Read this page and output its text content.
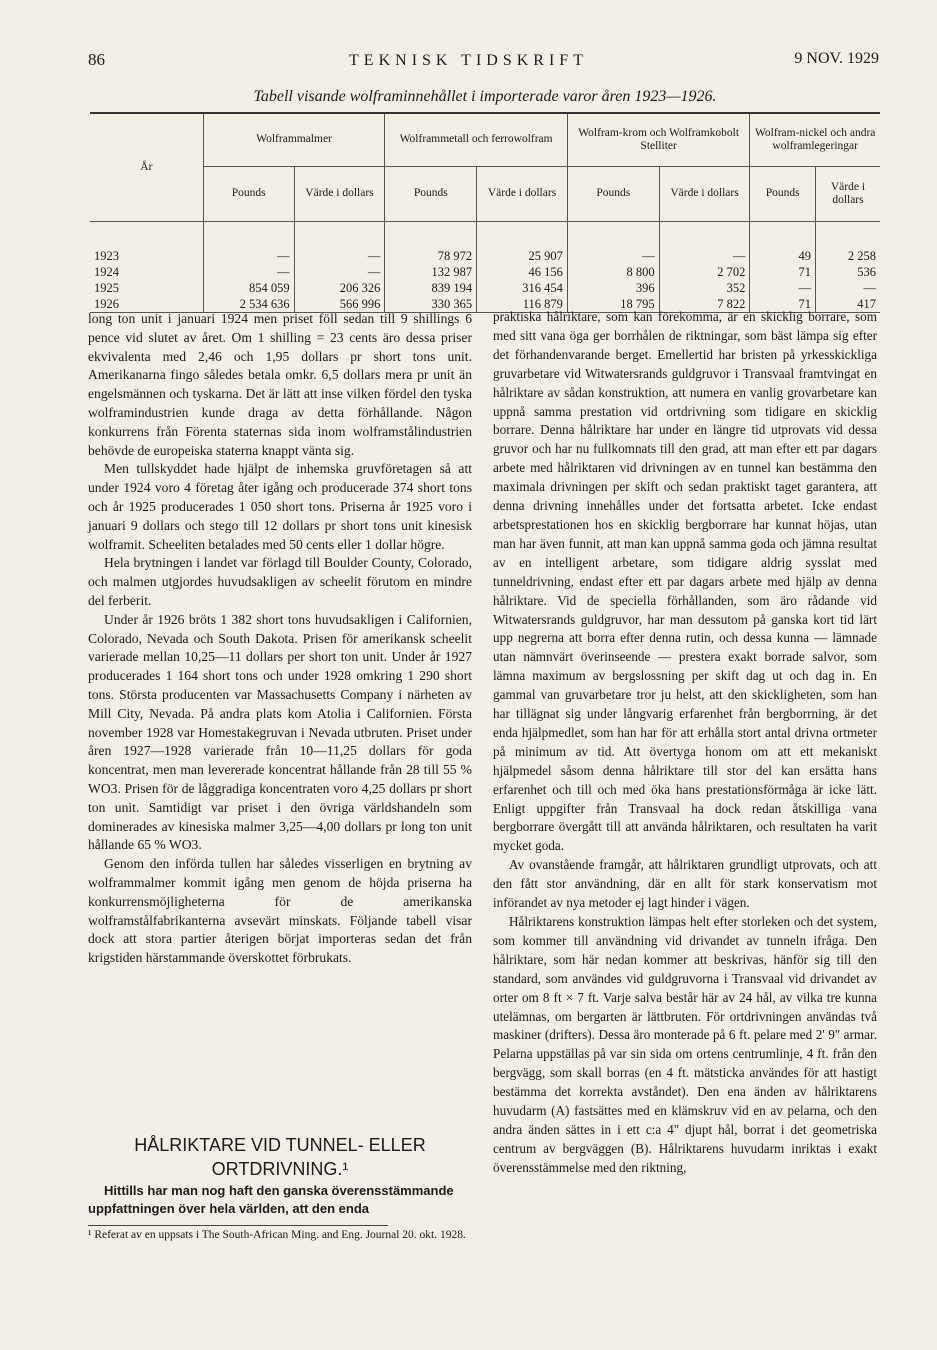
86	TEKNISK TIDSKRIFT	9 NOV. 1929
Tabell visande wolframinnehållet i importerade varor åren 1923—1926.
År	Wolframmalmer		Wolframmetall och ferrowolfram		Wolfram-krom och Wolframkobolt Stelliter		Wolfram-nickel och andra wolframlegeringar	
	Pounds	Värde i dollars	Pounds	Värde i dollars	Pounds	Värde i dollars	Pounds	Värde i dollars

1923	—	—	78 972	25 907	—	—	49	2 258
1924	—	—	132 987	46 156	8 800	2 702	71	536
1925	854 059	206 326	839 194	316 454	396	352	—	—
1926	2 534 636	566 996	330 365	116 879	18 795	7 822	71	417

long ton unit i januari 1924 men priset föll sedan till 9 shillings 6 pence vid slutet av året. Om 1 shilling = 23 cents äro dessa priser ekvivalenta med 2,46 och 1,95 dollars pr short tons unit. Amerikanarna fingo således betala omkr. 6,5 dollars mera pr unit än engelsmännen och tyskarna. Det är lätt att inse vilken fördel den tyska wolframindustrien kunde draga av detta förhållande. Någon konkurrens från Förenta staternas sida inom wolframstålindustrien behövde de europeiska staterna knappt vänta sig.

Men tullskyddet hade hjälpt de inhemska gruvföretagen så att under 1924 voro 4 företag åter igång och producerade 374 short tons och år 1925 producerades 1 050 short tons. Priserna år 1925 voro i januari 9 dollars och stego till 12 dollars pr short tons unit kinesisk wolframit. Scheeliten betalades med 50 cents eller 1 dollar högre.

Hela brytningen i landet var förlagd till Boulder County, Colorado, och malmen utgjordes huvudsakligen av scheelit förutom en mindre del ferberit.

Under år 1926 bröts 1 382 short tons huvudsakligen i Californien, Colorado, Nevada och South Dakota. Prisen för amerikansk scheelit varierade mellan 10,25—11 dollars per short ton unit. Under år 1927 producerades 1 164 short tons och under 1928 omkring 1 290 short tons. Största producenten var Massachusetts Company i närheten av Mill City, Nevada. På andra plats kom Atolia i Californien. Första november 1928 var Homestakegruvan i Nevada utbruten. Priset under åren 1927—1928 varierade från 10—11,25 dollars för goda koncentrat, men man levererade koncentrat hållande från 28 till 55 % WO3. Prisen för de låggradiga koncentraten voro 4,25 dollars pr short ton unit. Samtidigt var priset i den övriga världshandeln som dominerades av kinesiska malmer 3,25—4,00 dollars pr long ton unit hållande 65 % WO3.

Genom den införda tullen har således visserligen en brytning av wolframmalmer kommit igång men genom de höjda priserna ha konkurrensmöjligheterna för de amerikanska wolframstålfabrikanterna avsevärt minskats. Följande tabell visar dock att stora partier återigen börjat importeras sedan det från krigstiden härstammande överskottet förbrukats.

HÅLRIKTARE VID TUNNEL- ELLER ORTDRIVNING.¹

Hittills har man nog haft den ganska överensstämmande uppfattningen över hela världen, att den enda

¹ Referat av en uppsats i The South-African Ming. and Eng. Journal 20. okt. 1928.

praktiska hålriktare, som kan förekomma, är en skicklig borrare, som med sitt vana öga ger borrhålen de riktningar, som bäst lämpa sig efter det förhandenvarande berget. Emellertid har bristen på yrkesskickliga gruvarbetare vid Witwatersrands guldgruvor i Transvaal framtvingat en hålriktare av sådan konstruktion, att numera en vanlig grovarbetare kan uppnå samma prestation vid ortdrivning som tidigare en skicklig borrare. Denna hålriktare har under en längre tid utprovats vid dessa gruvor och har nu fullkomnats till den grad, att man efter ett par dagars arbete med hålriktaren vid drivningen av en tunnel kan bestämma den maximala drivningen per skift och sedan praktiskt taget garantera, att denna drivning innehålles under det fortsatta arbetet. Icke endast arbetsprestationen hos en skicklig bergborrare har kunnat höjas, utan man har även funnit, att man kan uppnå samma goda och jämna resultat av en intelligent arbetare, som tidigare aldrig sysslat med tunneldrivning, endast efter ett par dagars arbete med hjälp av denna hålriktare. Vid de speciella förhållanden, som äro rådande vid Witwatersrands guldgruvor, har man dessutom på ganska kort tid lärt upp negrerna att borra efter denna rutin, och dessa kunna — lämnade utan nämnvärt överinseende — prestera exakt borrade salvor, som lämna maximum av bergslossning per skift dag ut och dag in. En gammal van gruvarbetare tror ju helst, att den skickligheten, som han har tillägnat sig under långvarig erfarenhet från bergborrning, är det enda hjälpmedlet, som han har för att erhålla stort antal drivna ortmeter på minimum av tid. Att övertyga honom om att ett mekaniskt hjälpmedel såsom denna hålriktare till stor del kan ersätta hans erfarenhet och till och med öka hans prestationsförmåga är icke lätt. Enligt uppgifter från Transvaal ha dock redan åtskilliga vana bergborrare övergått till att använda hålriktaren, och resultaten ha varit mycket goda.

Av ovanstående framgår, att hålriktaren grundligt utprovats, och att den fått stor användning, där en allt för stark konservatism mot införandet av nya metoder ej lagt hinder i vägen.

Hålriktarens konstruktion lämpas helt efter storleken och det system, som kommer till användning vid drivandet av tunneln ifråga. Den hålriktare, som här nedan kommer att beskrivas, hänför sig till den standard, som användes vid guldgruvorna i Transvaal vid drivandet av orter om 8 ft × 7 ft. Varje salva består här av 24 hål, av vilka tre kunna utelämnas, om bergarten är lättbruten. För ortdrivningen användas två maskiner (drifters). Dessa äro monterade på 6 ft. pelare med 2' 9" armar. Pelarna uppställas på var sin sida om ortens centrumlinje, 4 ft. från den bergvägg, som skall borras (en 4 ft. mätsticka användes för att hastigt bestämma det korrekta avståndet). Den ena änden av hålriktarens huvudarm (A) fastsättes med en klämskruv vid en av pelarna, och den andra änden sättes in i ett c:a 4" djupt hål, borrat i det geometriska centrum av bergväggen (B). Hålriktarens huvudarm inriktas i exakt överensstämmelse med den riktning,
